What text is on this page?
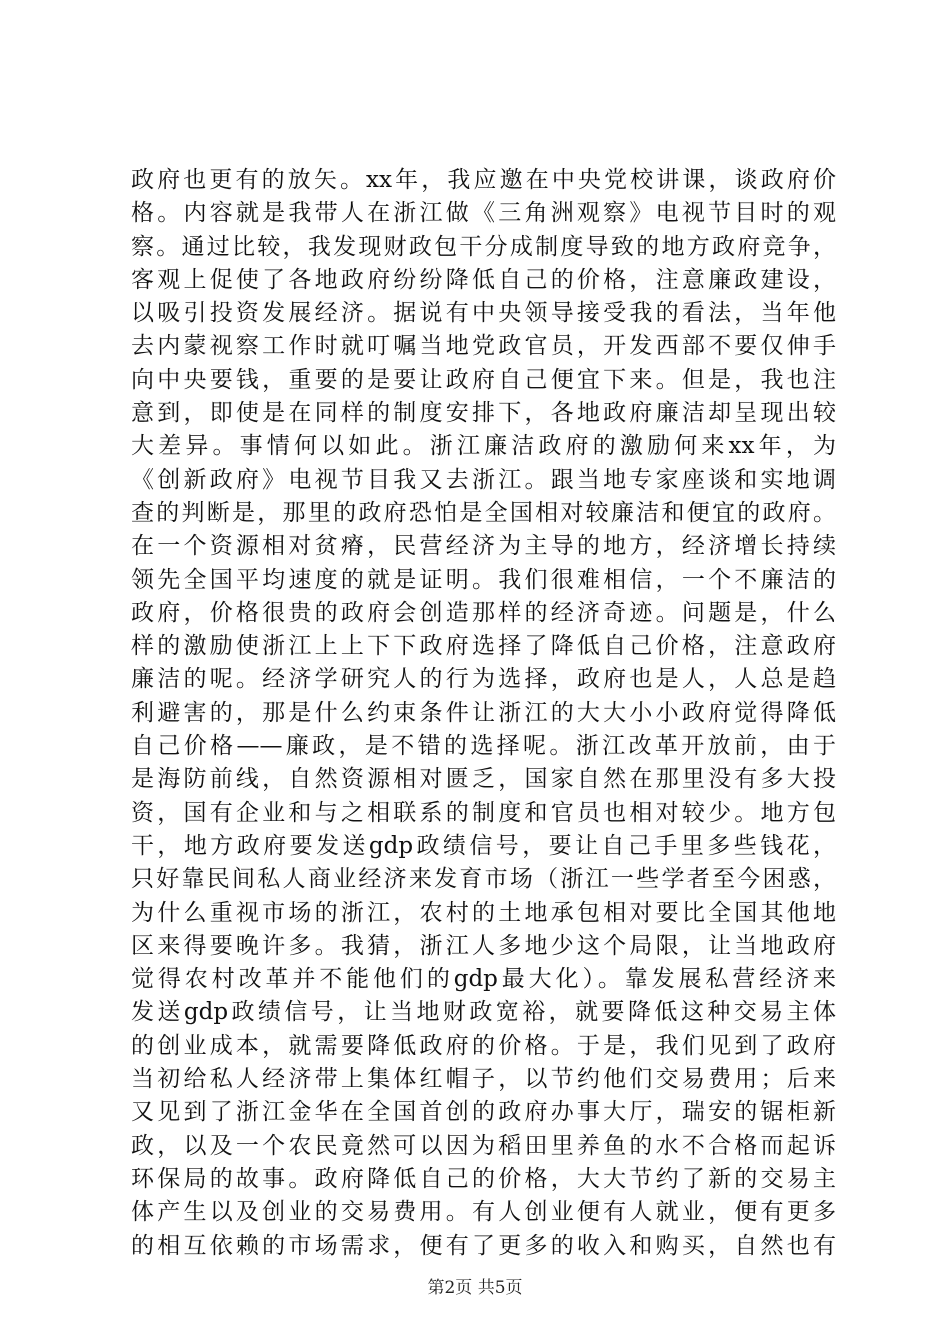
政府也更有的放矢。xx年，我应邀在中央党校讲课，谈政府价
格。内容就是我带人在浙江做《三角洲观察》电视节目时的观
察。通过比较，我发现财政包干分成制度导致的地方政府竞争，
客观上促使了各地政府纷纷降低自己的价格，注意廉政建设，
以吸引投资发展经济。据说有中央领导接受我的看法，当年他
去内蒙视察工作时就叮嘱当地党政官员，开发西部不要仅伸手
向中央要钱，重要的是要让政府自己便宜下来。但是，我也注
意到，即使是在同样的制度安排下，各地政府廉洁却呈现出较
大差异。事情何以如此。浙江廉洁政府的激励何来xx年，为
《创新政府》电视节目我又去浙江。跟当地专家座谈和实地调
查的判断是，那里的政府恐怕是全国相对较廉洁和便宜的政府。
在一个资源相对贫瘠，民营经济为主导的地方，经济增长持续
领先全国平均速度的就是证明。我们很难相信，一个不廉洁的
政府，价格很贵的政府会创造那样的经济奇迹。问题是，什么
样的激励使浙江上上下下政府选择了降低自己价格，注意政府
廉洁的呢。经济学研究人的行为选择，政府也是人，人总是趋
利避害的，那是什么约束条件让浙江的大大小小政府觉得降低
自己价格——廉政，是不错的选择呢。浙江改革开放前，由于
是海防前线，自然资源相对匮乏，国家自然在那里没有多大投
资，国有企业和与之相联系的制度和官员也相对较少。地方包
干，地方政府要发送gdp政绩信号，要让自己手里多些钱花，
只好靠民间私人商业经济来发育市场（浙江一些学者至今困惑，
为什么重视市场的浙江，农村的土地承包相对要比全国其他地
区来得要晚许多。我猜，浙江人多地少这个局限，让当地政府
觉得农村改革并不能他们的gdp最大化）。靠发展私营经济来
发送gdp政绩信号，让当地财政宽裕，就要降低这种交易主体
的创业成本，就需要降低政府的价格。于是，我们见到了政府
当初给私人经济带上集体红帽子，以节约他们交易费用；后来
又见到了浙江金华在全国首创的政府办事大厅，瑞安的锯柜新
政，以及一个农民竟然可以因为稻田里养鱼的水不合格而起诉
环保局的故事。政府降低自己的价格，大大节约了新的交易主
体产生以及创业的交易费用。有人创业便有人就业，便有更多
的相互依赖的市场需求，便有了更多的收入和购买，自然也有
第2页 共5页
